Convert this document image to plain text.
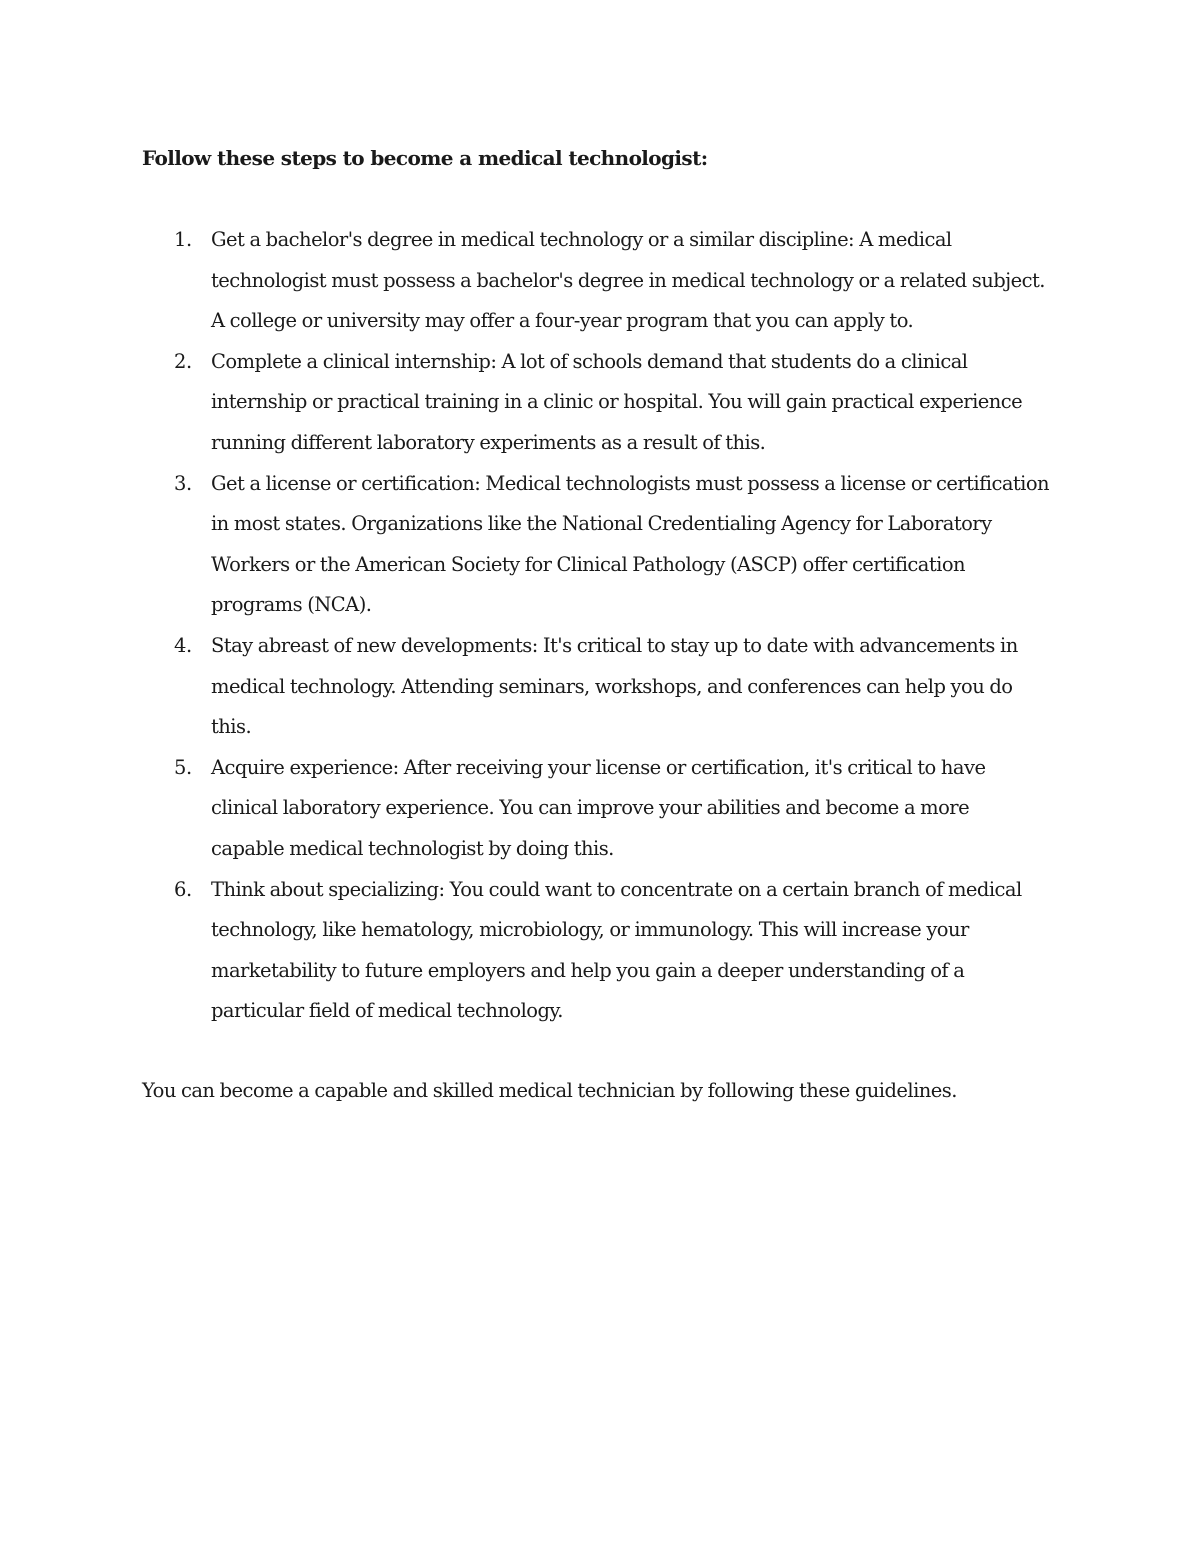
Follow these steps to become a medical technologist:
1. Get a bachelor's degree in medical technology or a similar discipline: A medical
technologist must possess a bachelor's degree in medical technology or a related subject.
A college or university may offer a four-year program that you can apply to.
2. Complete a clinical internship: A lot of schools demand that students do a clinical
internship or practical training in a clinic or hospital. You will gain practical experience
running different laboratory experiments as a result of this.
3. Get a license or certification: Medical technologists must possess a license or certification
in most states. Organizations like the National Credentialing Agency for Laboratory
Workers or the American Society for Clinical Pathology (ASCP) offer certification
programs (NCA).
4. Stay abreast of new developments: It's critical to stay up to date with advancements in
medical technology. Attending seminars, workshops, and conferences can help you do
this.
5. Acquire experience: After receiving your license or certification, it's critical to have
clinical laboratory experience. You can improve your abilities and become a more
capable medical technologist by doing this.
6. Think about specializing: You could want to concentrate on a certain branch of medical
technology, like hematology, microbiology, or immunology. This will increase your
marketability to future employers and help you gain a deeper understanding of a
particular field of medical technology.
You can become a capable and skilled medical technician by following these guidelines.
